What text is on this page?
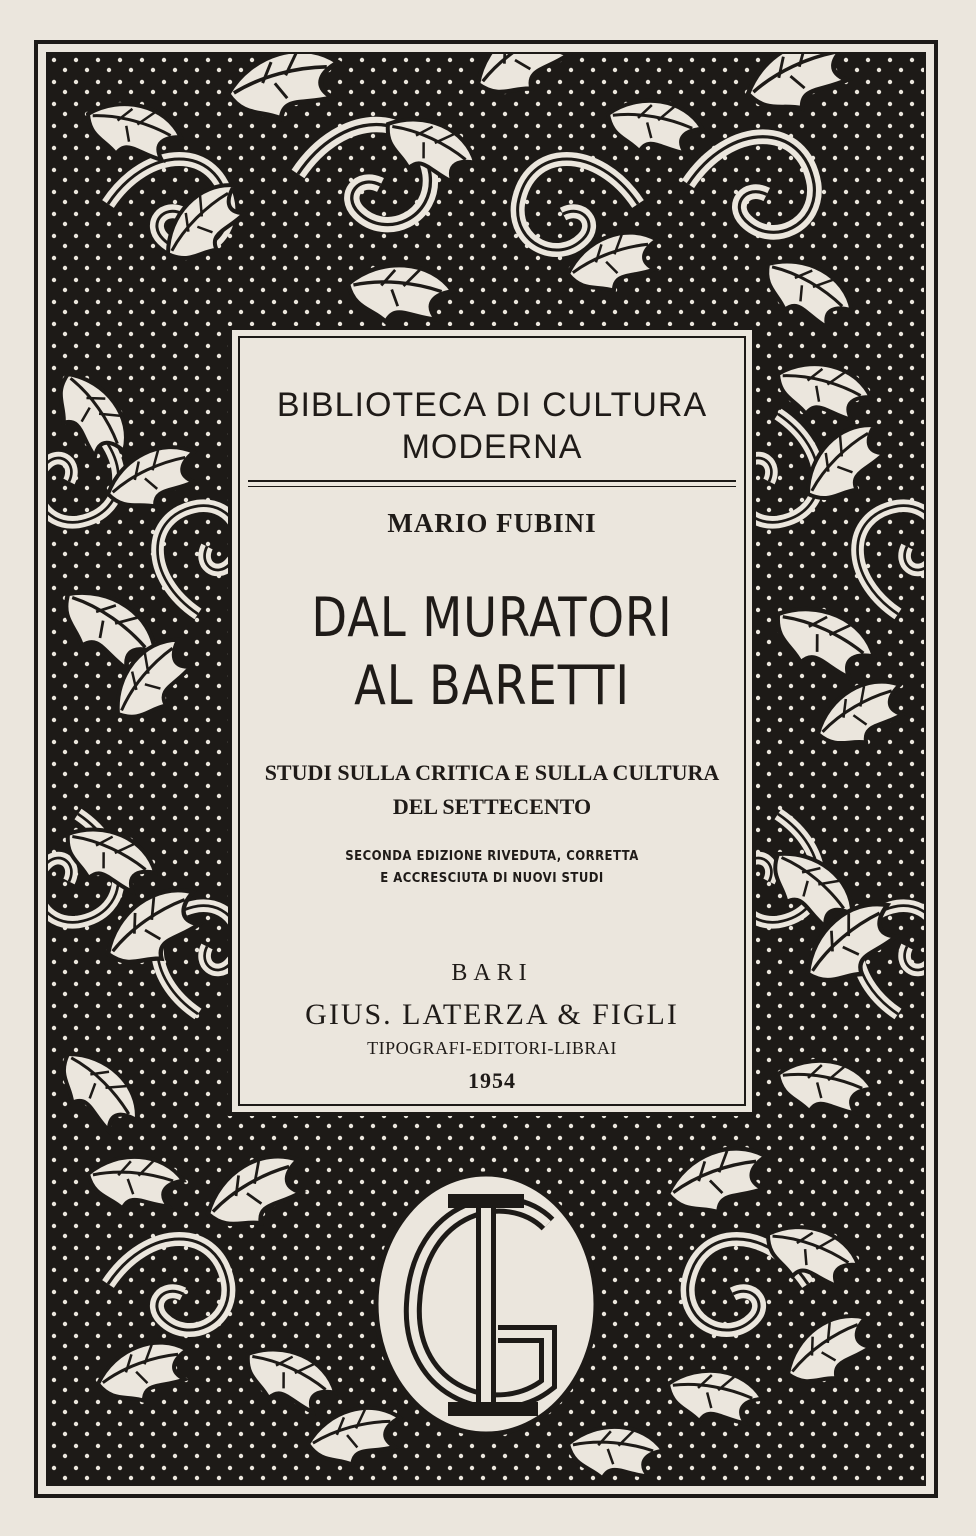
BIBLIOTECA DI CULTURA
MODERNA
MARIO FUBINI
DAL MURATORI
AL BARETTI
STUDI SULLA CRITICA E SULLA CULTURA
DEL SETTECENTO
SECONDA EDIZIONE RIVEDUTA, CORRETTA
E ACCRESCIUTA DI NUOVI STUDI
BARI
GIUS. LATERZA & FIGLI
TIPOGRAFI-EDITORI-LIBRAI
1954
